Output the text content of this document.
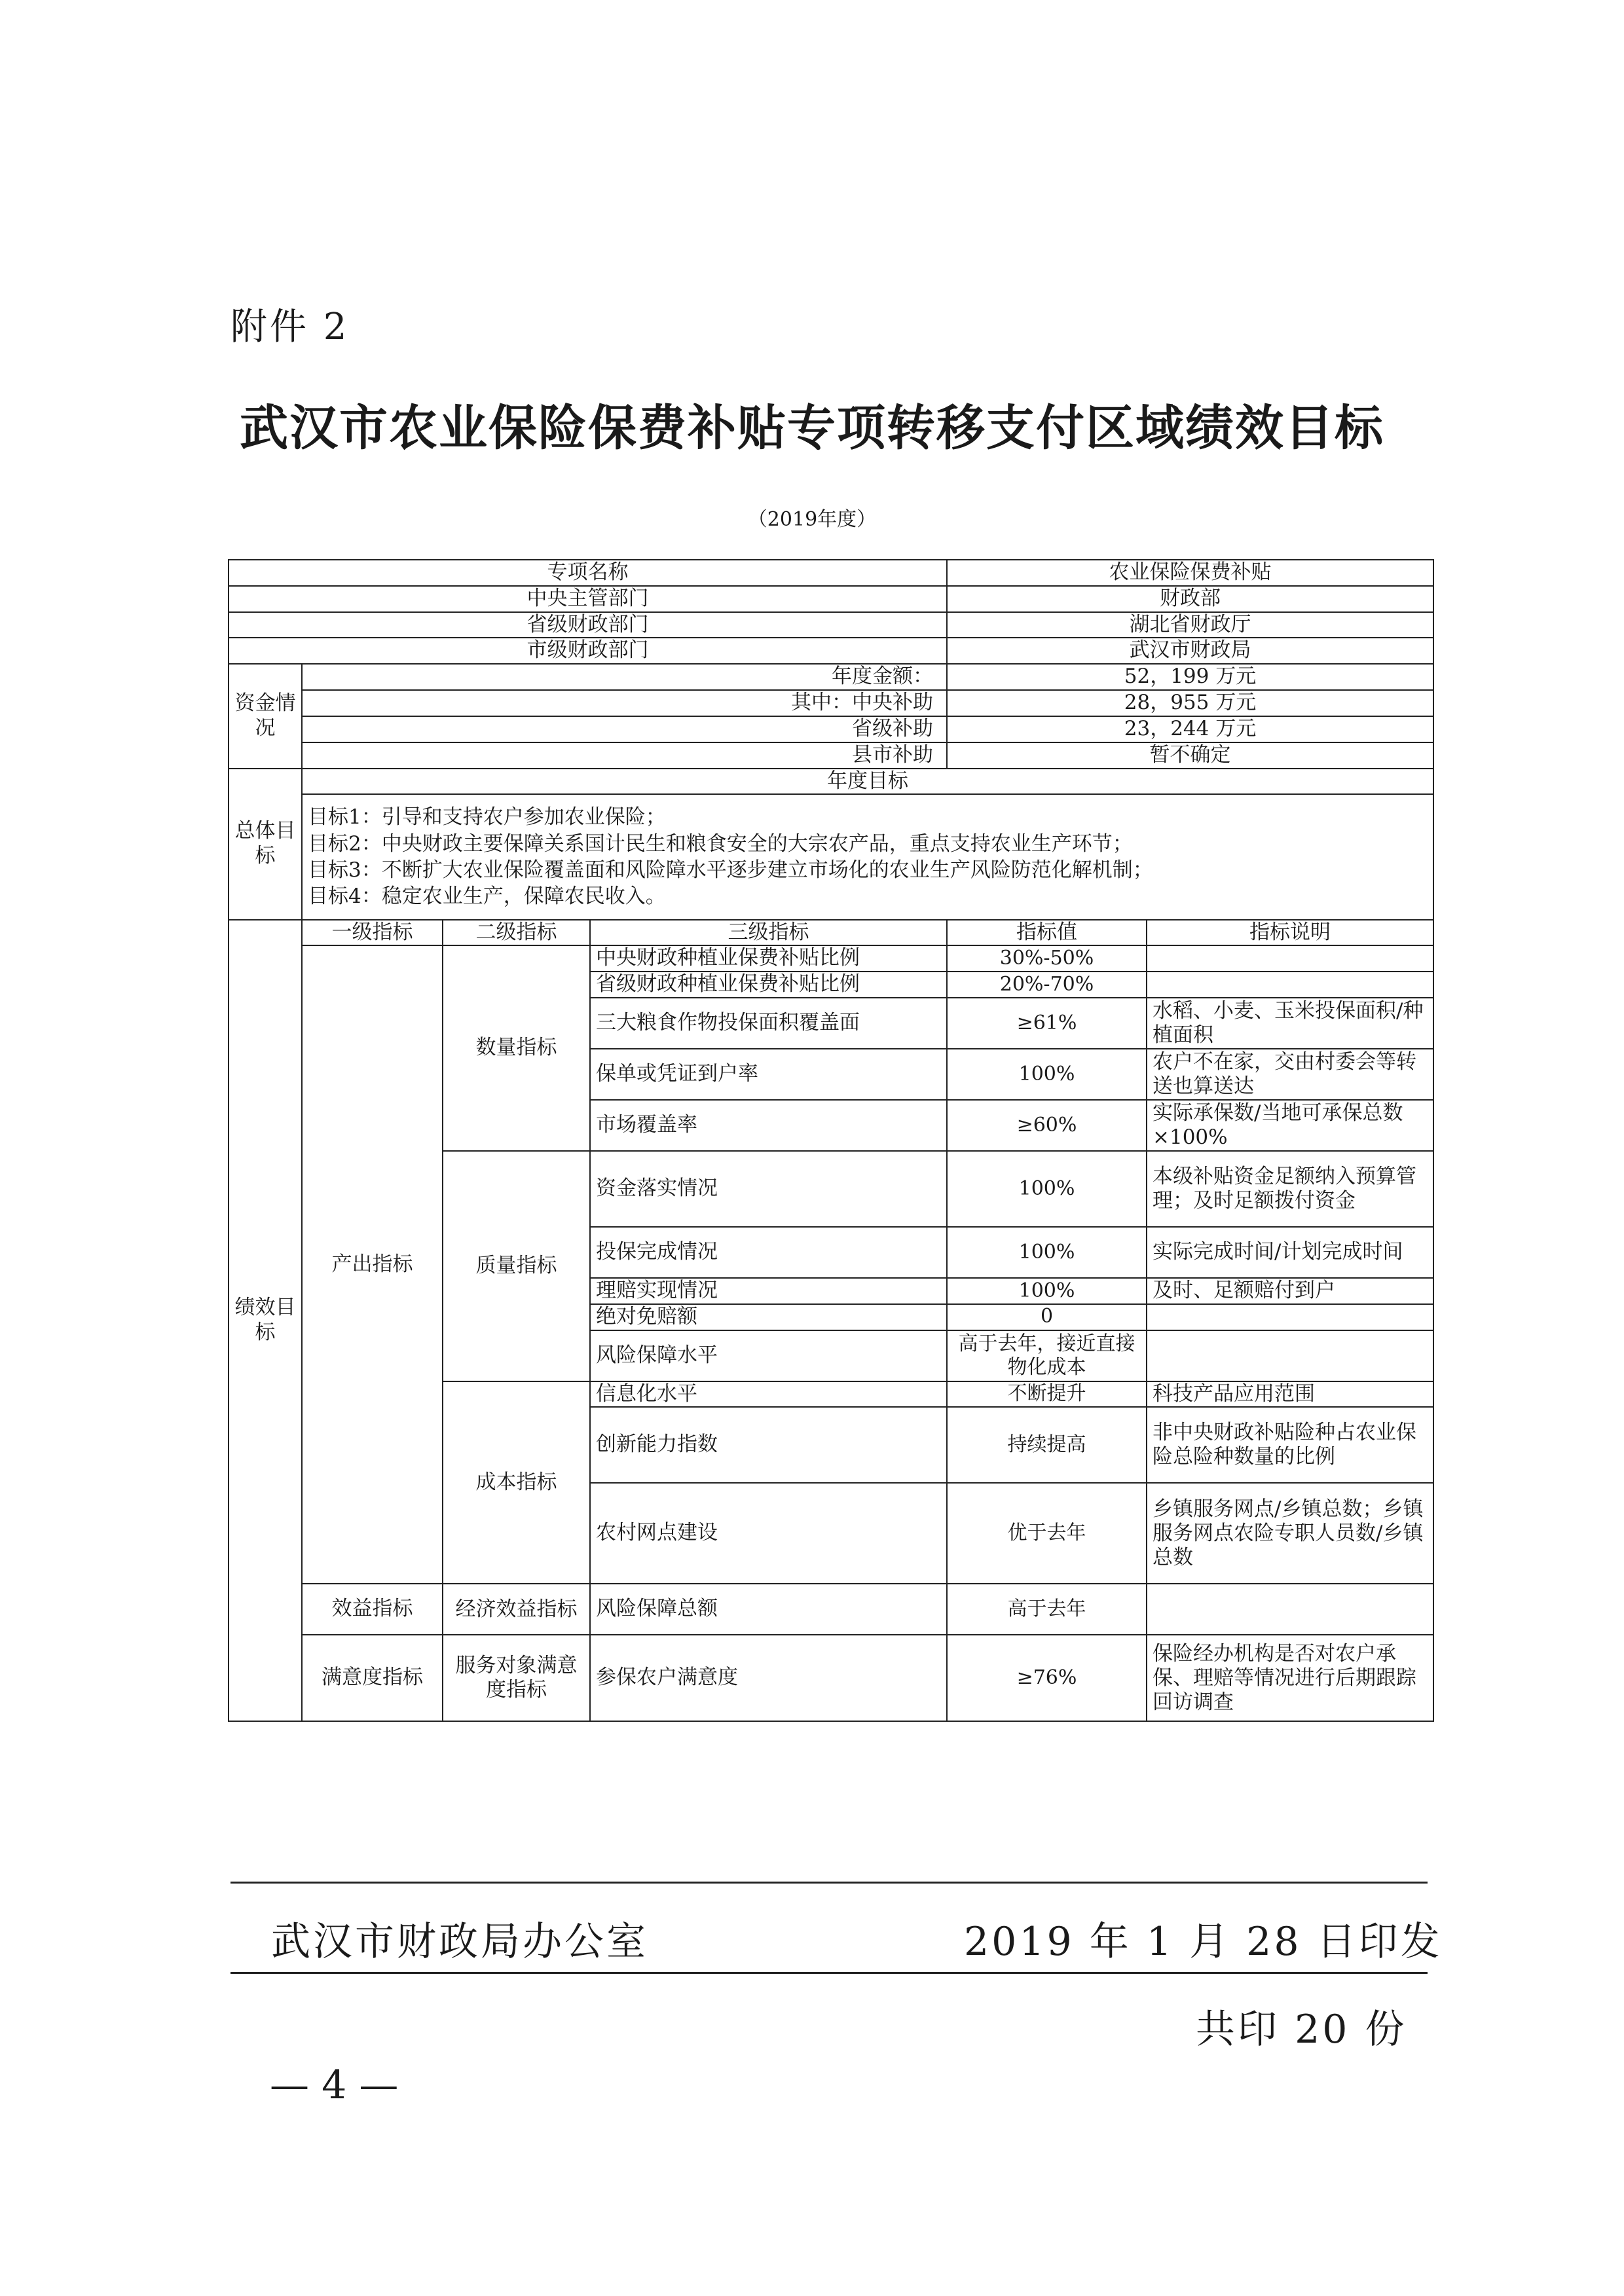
附件 2
武汉市农业保险保费补贴专项转移支付区域绩效目标
（2019年度）
专项名称				农业保险保费补贴	
中央主管部门				财政部	
省级财政部门				湖北省财政厅	
市级财政部门				武汉市财政局	
资金情况	年度金额：			52，199 万元	
	其中：中央补助			28，955 万元	
	省级补助			23，244 万元	
	县市补助			暂不确定	
总体目标	年度目标				

	目标1：引导和支持农户参加农业保险；
目标2：中央财政主要保障关系国计民生和粮食安全的大宗农产品，重点支持农业生产环节；
目标3：不断扩大农业保险覆盖面和风险障水平逐步建立市场化的农业生产风险防范化解机制；
目标4：稳定农业生产，保障农民收入。				

绩效目标	一级指标	二级指标	三级指标	指标值	指标说明
	产出指标	数量指标	中央财政种植业保费补贴比例	30%-50%	
			省级财政种植业保费补贴比例	20%-70%	
			三大粮食作物投保面积覆盖面	≥61%	水稻、小麦、玉米投保面积/种植面积
			保单或凭证到户率	100%	农户不在家，交由村委会等转送也算送达
			市场覆盖率	≥60%	实际承保数/当地可承保总数×100%
		质量指标	资金落实情况	100%	本级补贴资金足额纳入预算管理；及时足额拨付资金
			投保完成情况	100%	实际完成时间/计划完成时间
			理赔实现情况	100%	及时、足额赔付到户
			绝对免赔额	0	
			风险保障水平	高于去年，接近直接物化成本	
		成本指标	信息化水平	不断提升	科技产品应用范围
			创新能力指数	持续提高	非中央财政补贴险种占农业保险总险种数量的比例
			农村网点建设	优于去年	乡镇服务网点/乡镇总数；乡镇服务网点农险专职人员数/乡镇总数
	效益指标	经济效益指标	风险保障总额	高于去年	
	满意度指标	服务对象满意度指标	参保农户满意度	≥76%	保险经办机构是否对农户承保、理赔等情况进行后期跟踪回访调查
武汉市财政局办公室	2019 年 1 月 28 日印发
共印 20 份
— 4 —
